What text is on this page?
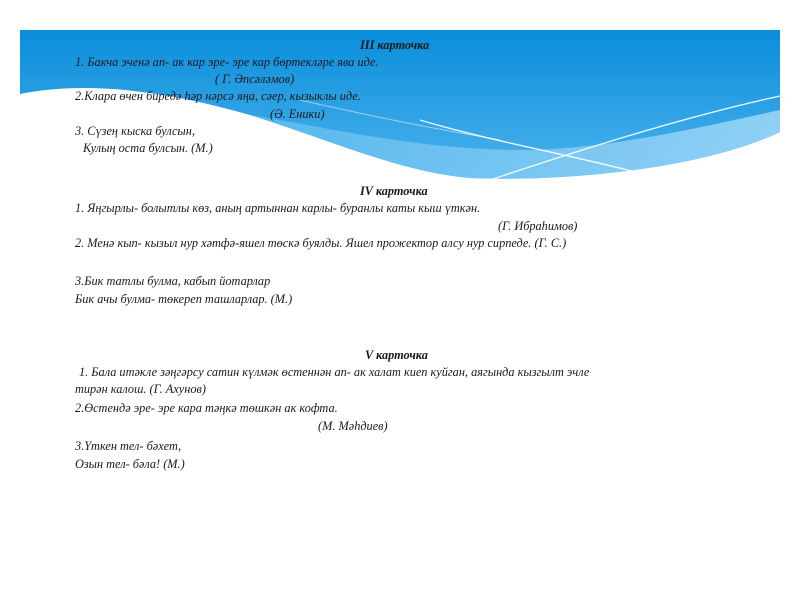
III карточка
1. Бакча эченә ап- ак кар эре- эре кар бөртекләре ява иде.
( Г. Әпсәләмов)
2.Клара өчен биредә һәр нәрсә яңа, сәер, кызыклы иде.
(Ә. Еники)
3. Сүзең кыска булсын,
Кулың оста булсын. (М.)
IV карточка
1. Яңгырлы- болытлы көз, аның артыннан карлы- буранлы каты кыш үткән.
(Г. Ибраһимов)
2. Менә кып- кызыл нур хәтфә-яшел төскә буялды. Яшел прожектор алсу нур сирпеде. (Г. С.)
3.Бик татлы булма, кабып йотарлар
Бик ачы булма- төкереп ташларлар. (М.)
V карточка
1. Бала итәкле зәңгәрсу сатин күлмәк өстеннән ап- ак халат киеп куйган, аягында кызгылт эчле
тирән калош. (Г. Ахунов)
2.Өстендә эре- эре кара тәңкә төшкән ак кофта.
(М. Мәһдиев)
3.Үткен тел- бәхет,
Озын тел- бәла! (М.)
